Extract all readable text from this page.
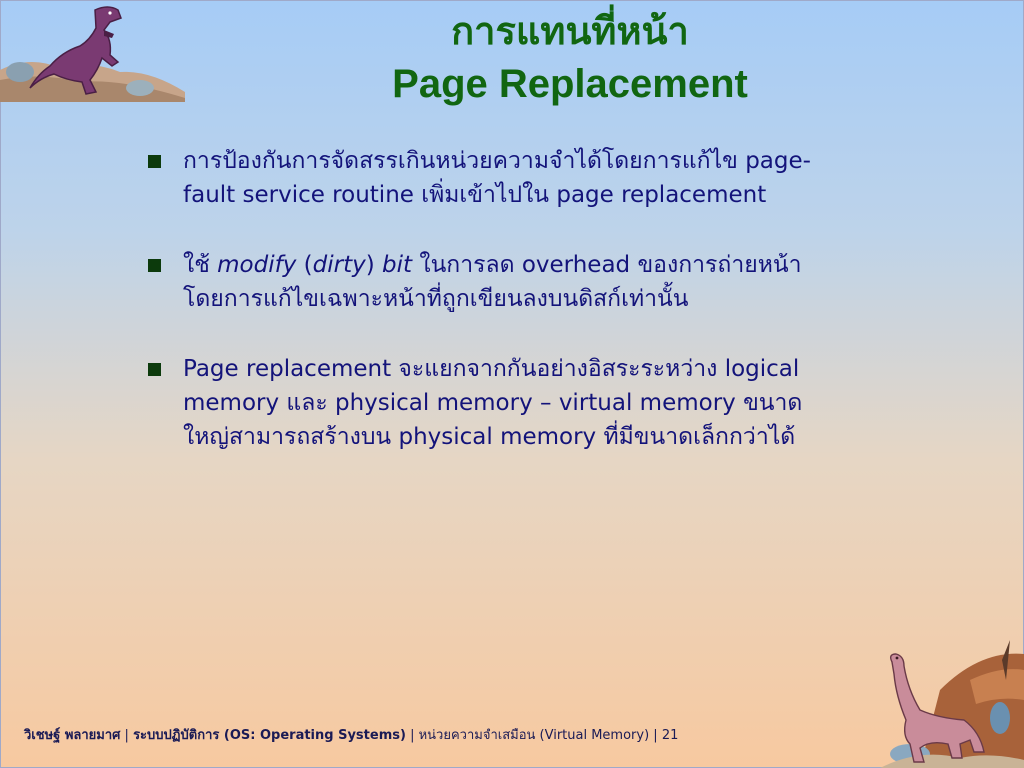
การแทนที่หน้า
Page Replacement
การป้องกันการจัดสรรเกินหน่วยความจำได้โดยการแก้ไข page-
fault service routine เพิ่มเข้าไปใน page replacement
ใช้ modify (dirty) bit ในการลด overhead ของการถ่ายหน้า
โดยการแก้ไขเฉพาะหน้าที่ถูกเขียนลงบนดิสก์เท่านั้น
Page replacement จะแยกจากกันอย่างอิสระระหว่าง logical
memory และ physical memory – virtual memory ขนาด
ใหญ่สามารถสร้างบน physical memory ที่มีขนาดเล็กกว่าได้
วิเชษฐ์ พลายมาศ | ระบบปฏิบัติการ (OS: Operating Systems) | หน่วยความจำเสมือน (Virtual Memory) | 21
